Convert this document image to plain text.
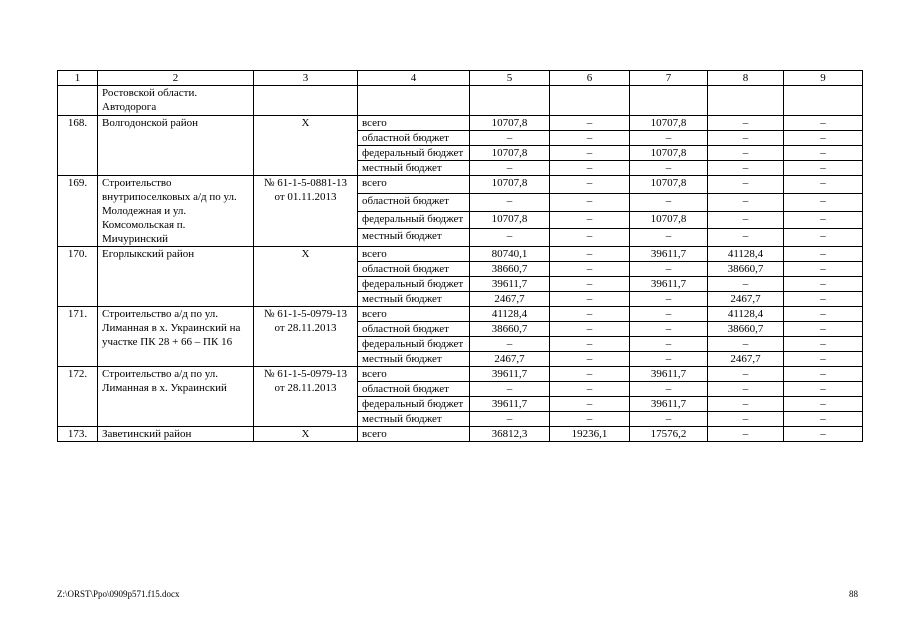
1	2	3	4	5	6	7	8	9
	Ростовской области. Автодорога							
168.	Волгодонской район	Х	всего	10707,8	–	10707,8	–	–
			областной бюджет	–	–	–	–	–
			федеральный бюджет	10707,8	–	10707,8	–	–
			местный бюджет	–	–	–	–	–
169.	Строительство внутрипоселковых а/д по ул. Молодежная и ул. Комсомольская п. Мичуринский	№ 61-1-5-0881-13 от 01.11.2013	всего	10707,8	–	10707,8	–	–
			областной бюджет	–	–	–	–	–
			федеральный бюджет	10707,8	–	10707,8	–	–
			местный бюджет	–	–	–	–	–
170.	Егорлыкский район	Х	всего	80740,1	–	39611,7	41128,4	–
			областной бюджет	38660,7	–	–	38660,7	–
			федеральный бюджет	39611,7	–	39611,7	–	–
			местный бюджет	2467,7	–	–	2467,7	–
171.	Строительство а/д по ул. Лиманная в х. Украинский на участке ПК 28 + 66 – ПК 16	№ 61-1-5-0979-13 от 28.11.2013	всего	41128,4	–	–	41128,4	–
			областной бюджет	38660,7	–	–	38660,7	–
			федеральный бюджет	–	–	–	–	–
			местный бюджет	2467,7	–	–	2467,7	–
172.	Строительство а/д по ул. Лиманная в х. Украинский	№ 61-1-5-0979-13 от 28.11.2013	всего	39611,7	–	39611,7	–	–
			областной бюджет	–	–	–	–	–
			федеральный бюджет	39611,7	–	39611,7	–	–
			местный бюджет	–	–	–	–	–
173.	Заветинский район	Х	всего	36812,3	19236,1	17576,2	–	–
Z:\ORST\Ppo\0909p571.f15.docx	88
